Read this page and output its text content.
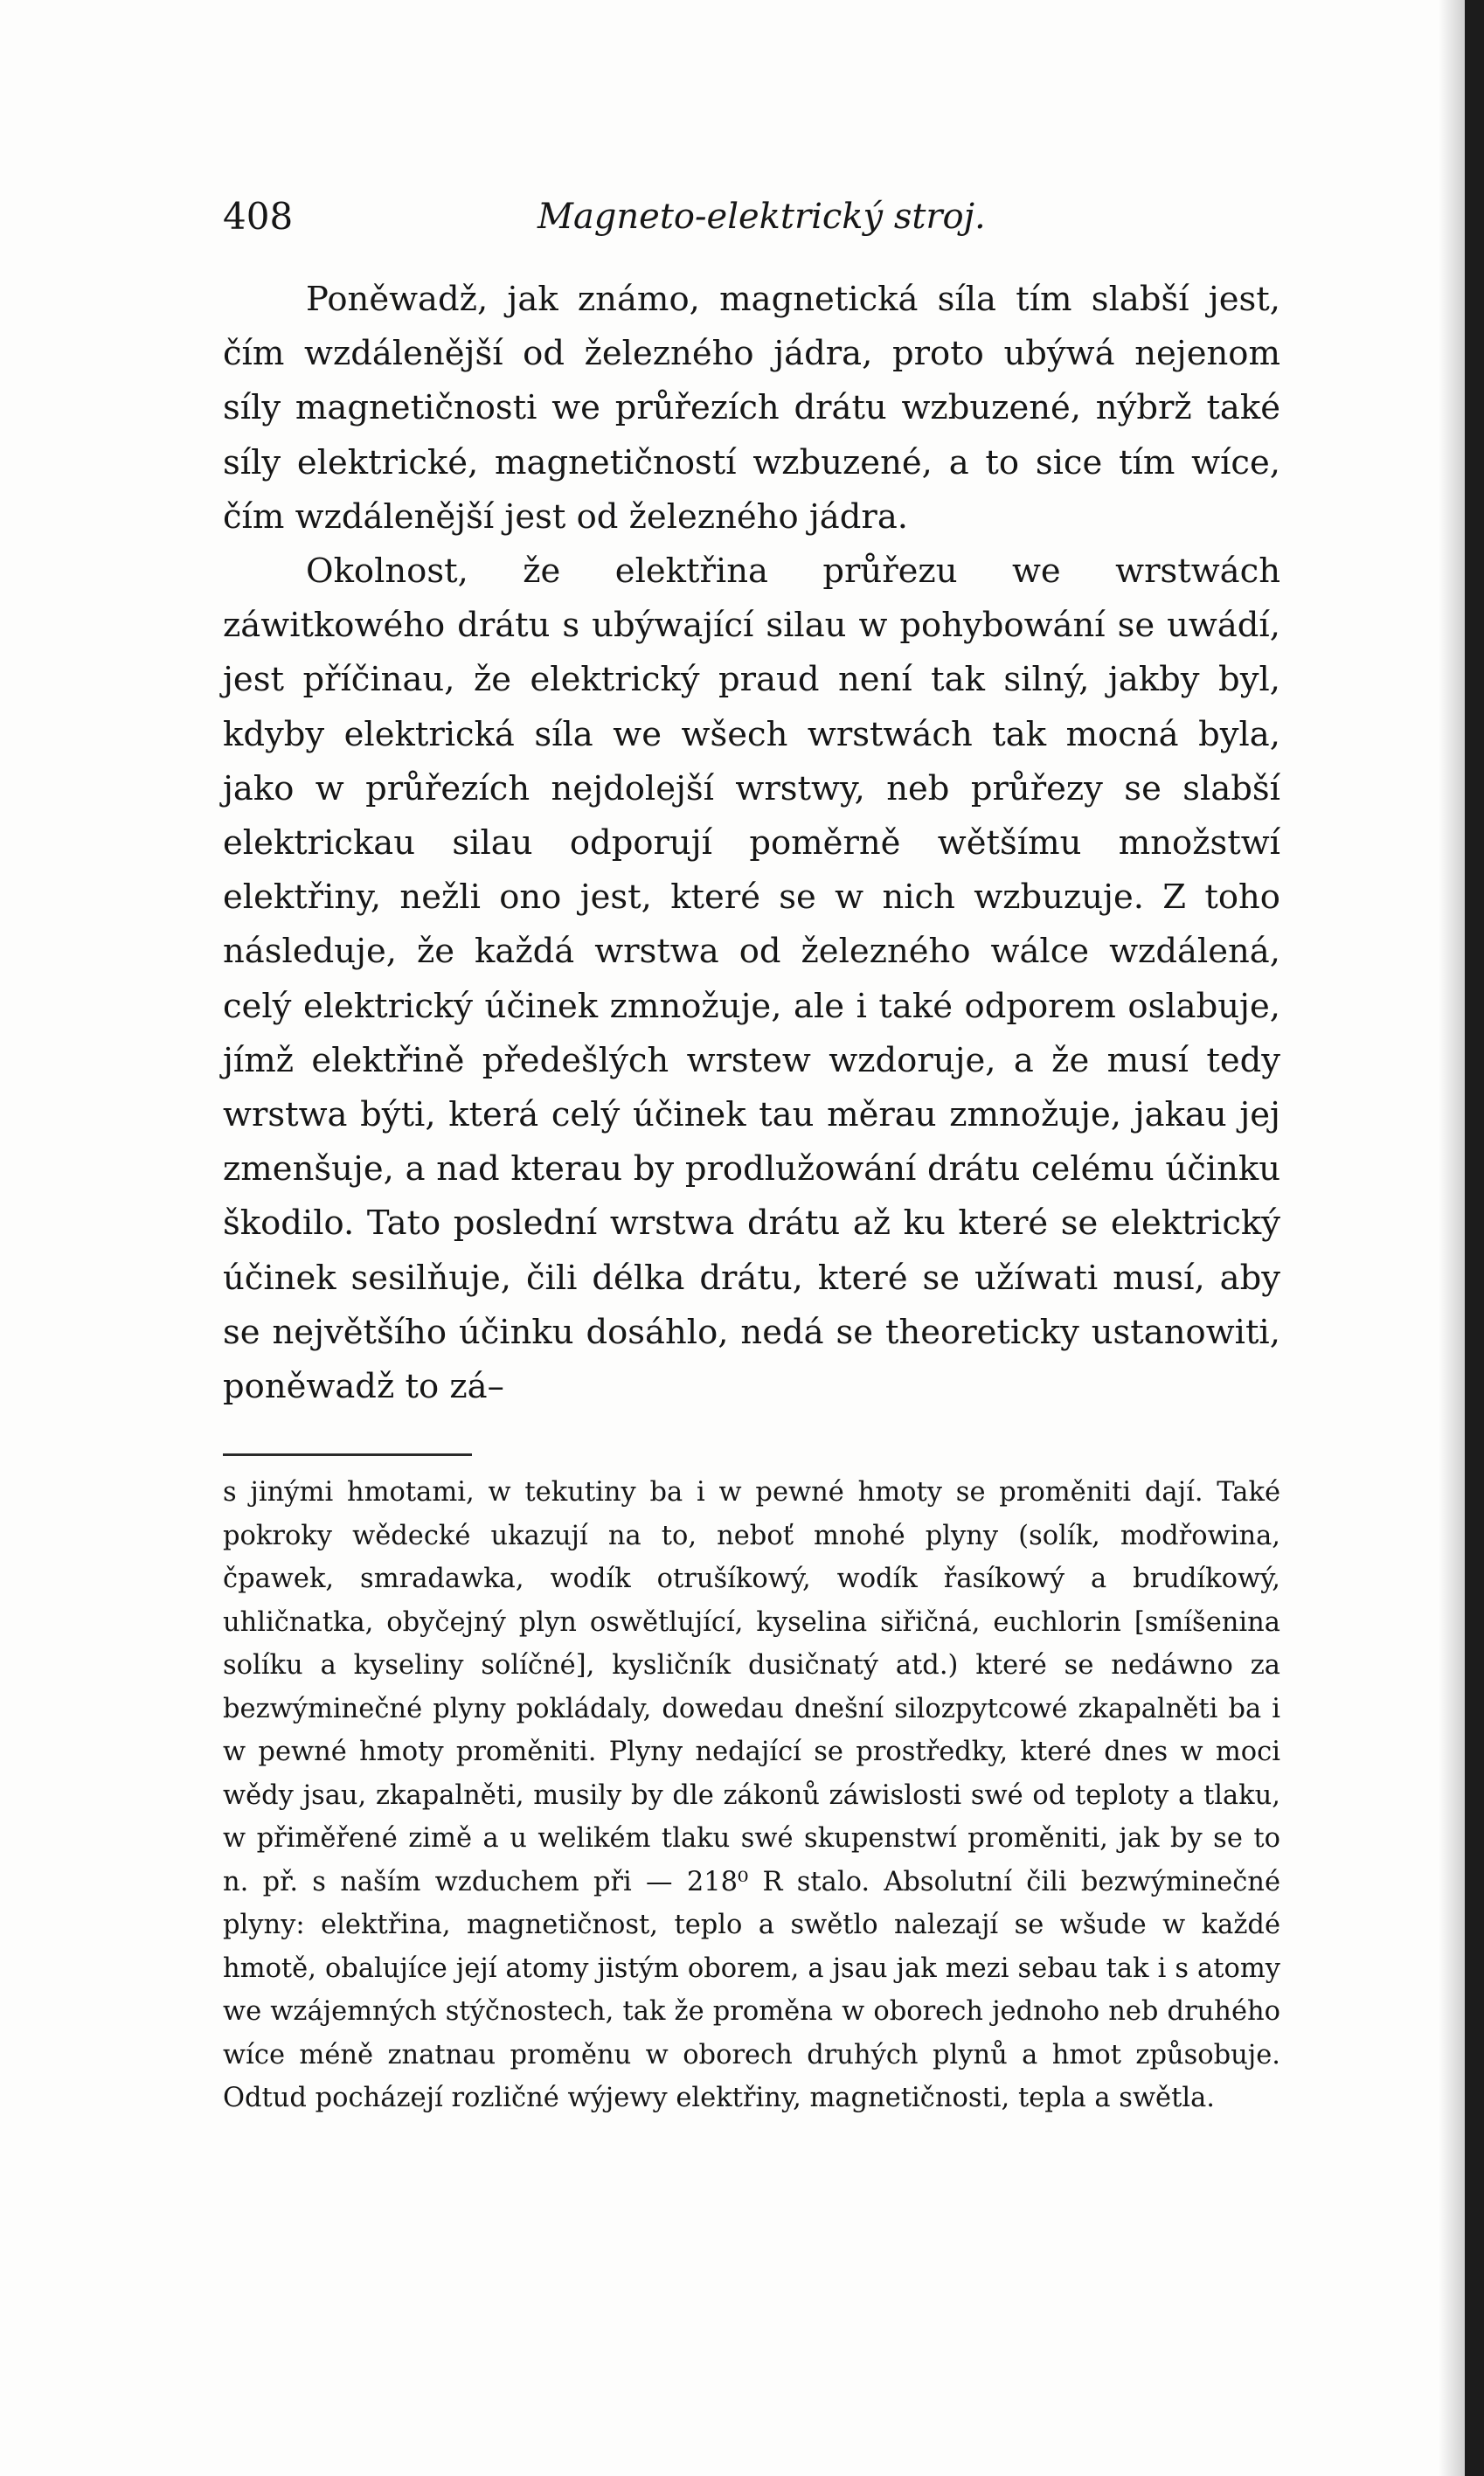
408	Magneto-elektrický stroj.

Poněwadž, jak známo, magnetická síla tím slabší jest, čím wzdálenější od železného jádra, proto ubýwá nejenom síly magnetičnosti we průřezích drátu wzbuzené, nýbrž také síly elektrické, magnetičností wzbuzené, a to sice tím wíce, čím wzdálenější jest od železného jádra.

Okolnost, že elektřina průřezu we wrstwách záwitkowého drátu s ubýwající silau w pohybowání se uwádí, jest příčinau, že elektrický praud není tak silný, jakby byl, kdyby elektrická síla we wšech wrstwách tak mocná byla, jako w průřezích nejdolejší wrstwy, neb průřezy se slabší elektrickau silau odporují poměrně wětšímu množstwí elektřiny, nežli ono jest, které se w nich wzbuzuje. Z toho následuje, že každá wrstwa od železného wálce wzdálená, celý elektrický účinek zmnožuje, ale i také odporem oslabuje, jímž elektřině předešlých wrstew wzdoruje, a že musí tedy wrstwa býti, která celý účinek tau měrau zmnožuje, jakau jej zmenšuje, a nad kterau by prodlužowání drátu celému účinku škodilo. Tato poslední wrstwa drátu až ku které se elektrický účinek sesilňuje, čili délka drátu, které se užíwati musí, aby se největšího účinku dosáhlo, nedá se theoreticky ustanowiti, poněwadž to zá–

s jinými hmotami, w tekutiny ba i w pewné hmoty se proměniti dají. Také pokroky wědecké ukazují na to, neboť mnohé plyny (solík, modřowina, čpawek, smradawka, wodík otrušíkowý, wodík řasíkowý a brudíkowý, uhličnatka, obyčejný plyn oswětlující, kyselina siřičná, euchlorin [smíšenina solíku a kyseliny solíčné], kysličník dusičnatý atd.) které se nedáwno za bezwýminečné plyny pokládaly, dowedau dnešní silozpytcowé zkapalněti ba i w pewné hmoty proměniti. Plyny nedající se prostředky, které dnes w moci wědy jsau, zkapalněti, musily by dle zákonů záwislosti swé od teploty a tlaku, w přiměřené zimě a u welikém tlaku swé skupenstwí proměniti, jak by se to n. př. s naším wzduchem při — 218⁰ R stalo. Absolutní čili bezwýminečné plyny: elektřina, magnetičnost, teplo a swětlo nalezají se wšude w každé hmotě, obalujíce její atomy jistým oborem, a jsau jak mezi sebau tak i s atomy we wzájemných stýčnostech, tak že proměna w oborech jednoho neb druhého wíce méně znatnau proměnu w oborech druhých plynů a hmot způsobuje. Odtud pocházejí rozličné wýjewy elektřiny, magnetičnosti, tepla a swětla.
